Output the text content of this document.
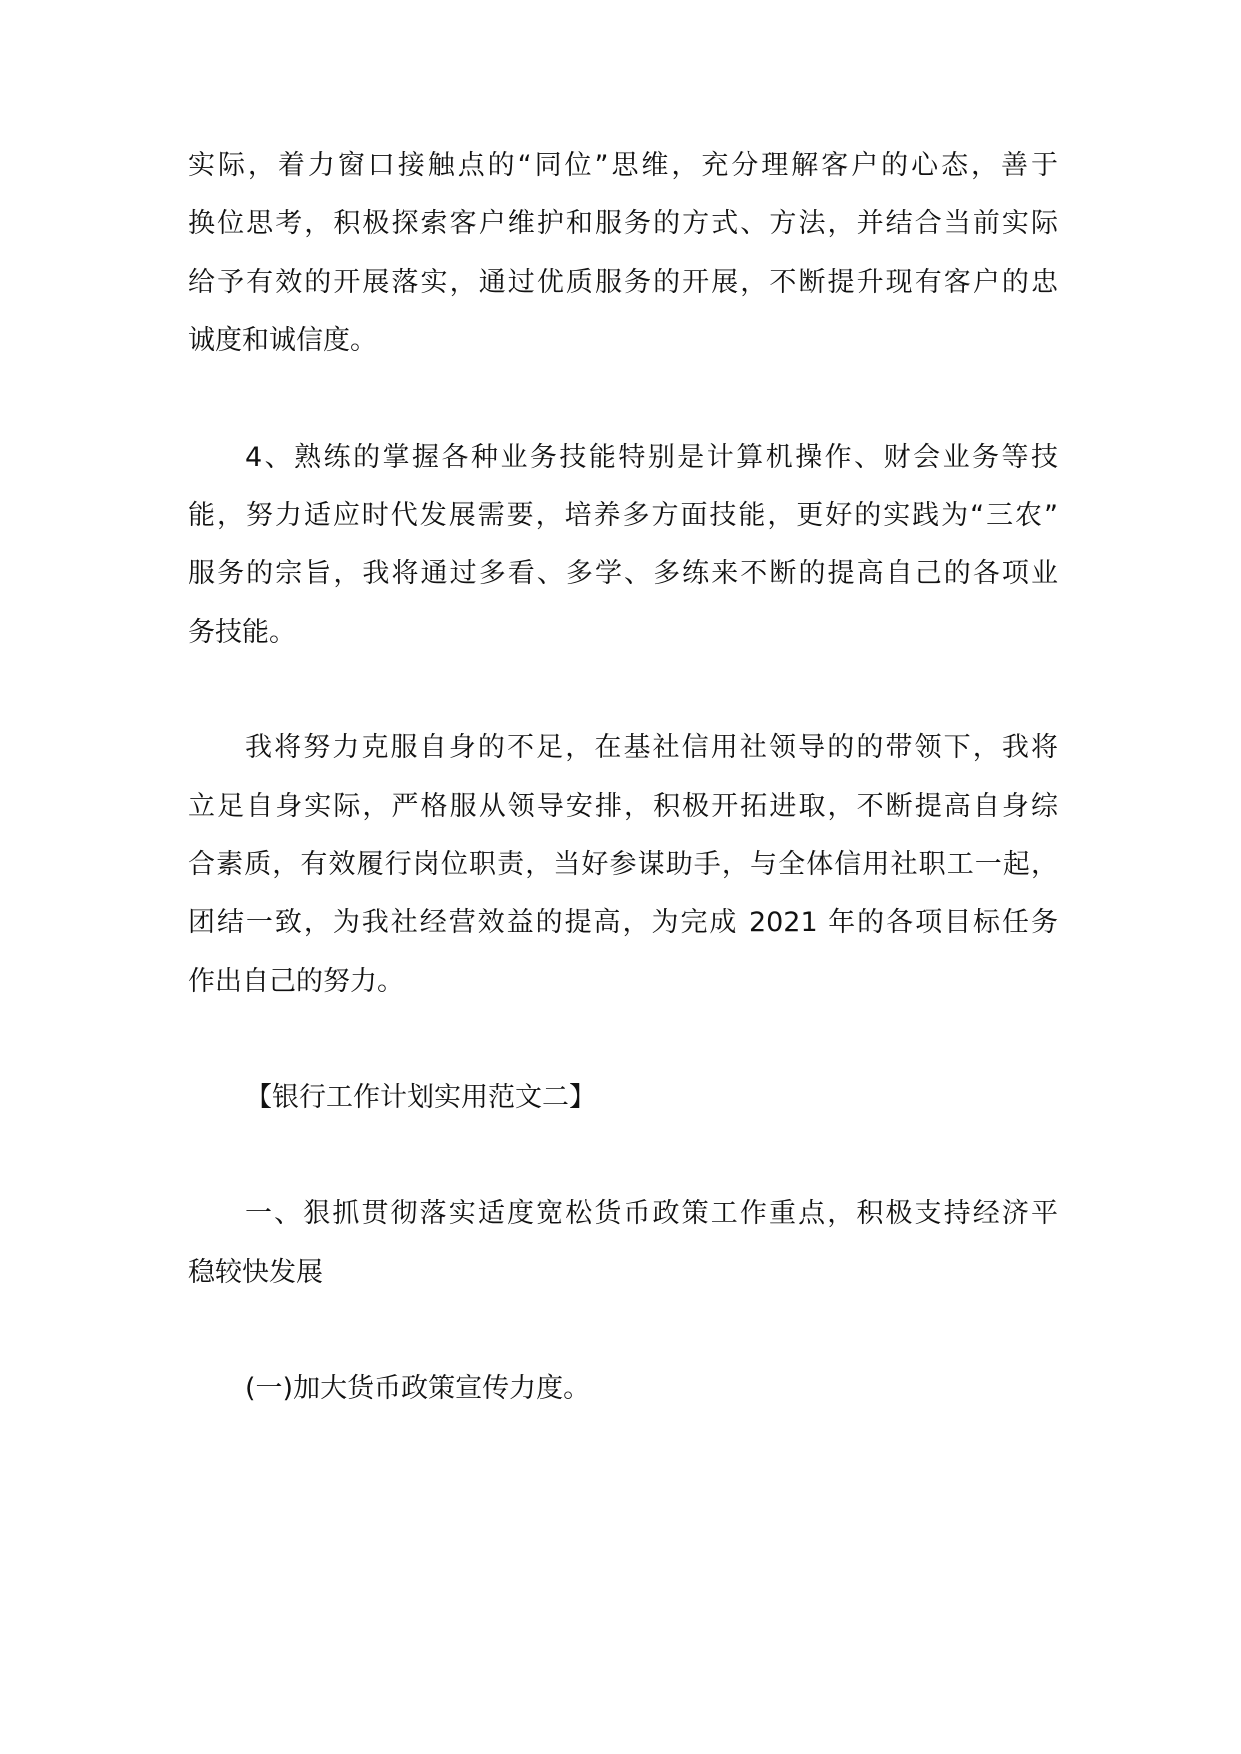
实际，着力窗口接触点的“同位”思维，充分理解客户的心态，善于
换位思考，积极探索客户维护和服务的方式、方法，并结合当前实际
给予有效的开展落实，通过优质服务的开展，不断提升现有客户的忠
诚度和诚信度。
4、熟练的掌握各种业务技能特别是计算机操作、财会业务等技
能，努力适应时代发展需要，培养多方面技能，更好的实践为“三农”
服务的宗旨，我将通过多看、多学、多练来不断的提高自己的各项业
务技能。
我将努力克服自身的不足，在基社信用社领导的的带领下，我将
立足自身实际，严格服从领导安排，积极开拓进取，不断提高自身综
合素质，有效履行岗位职责，当好参谋助手，与全体信用社职工一起，
团结一致，为我社经营效益的提高，为完成 2021 年的各项目标任务
作出自己的努力。
【银行工作计划实用范文二】
一、狠抓贯彻落实适度宽松货币政策工作重点，积极支持经济平
稳较快发展
(一)加大货币政策宣传力度。
